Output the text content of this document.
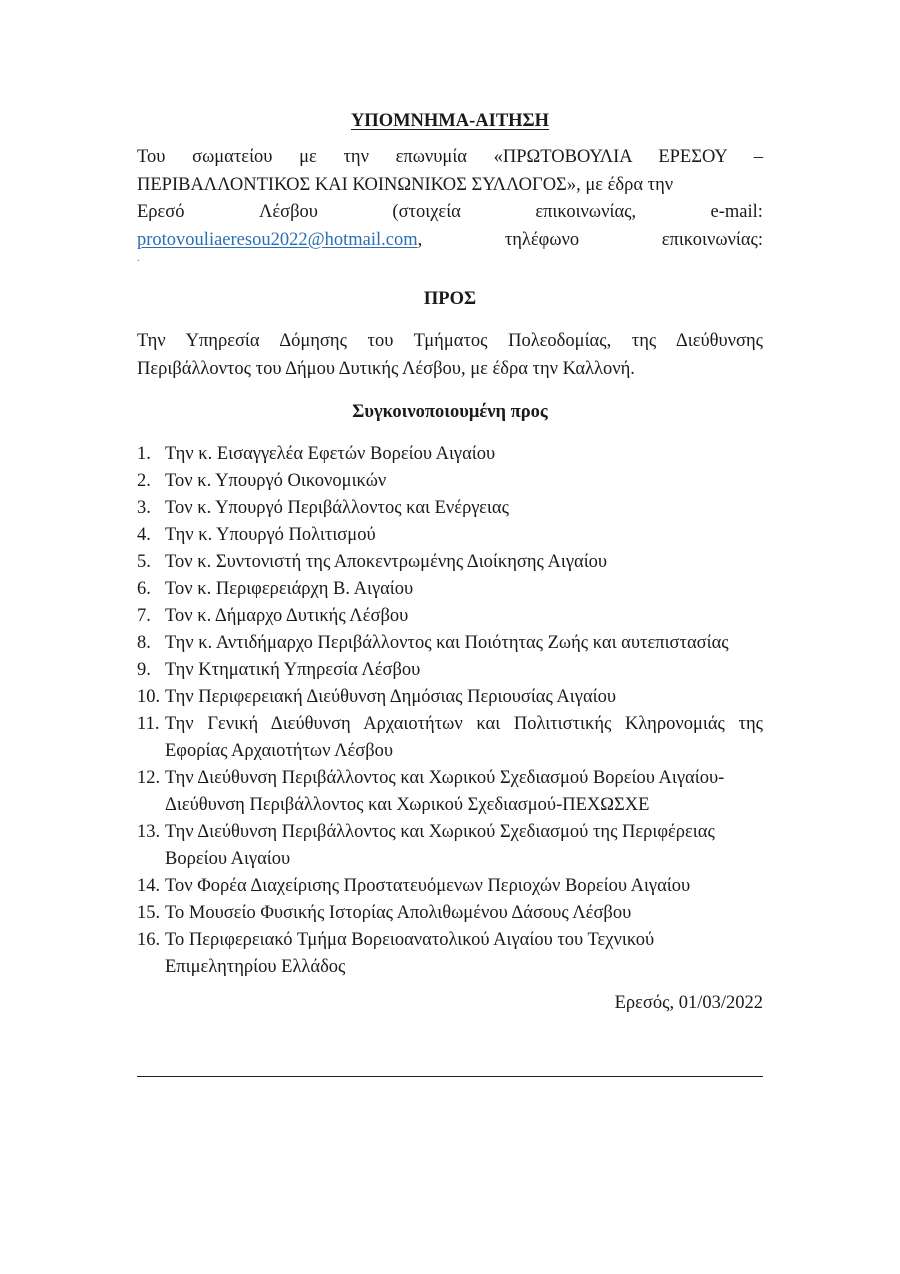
ΥΠΟΜΝΗΜΑ-ΑΙΤΗΣΗ

Του σωματείου με την επωνυμία «ΠΡΩΤΟΒΟΥΛΙΑ ΕΡΕΣΟΥ – ΠΕΡΙΒΑΛΛΟΝΤΙΚΟΣ ΚΑΙ ΚΟΙΝΩΝΙΚΟΣ ΣΥΛΛΟΓΟΣ», με έδρα την

Ερεσό	Λέσβου	(στοιχεία	επικοινωνίας,	e-mail:
protovouliaeresou2022@hotmail.com,	τηλέφωνο	επικοινωνίας:
.
ΠΡΟΣ

Την Υπηρεσία Δόμησης του Τμήματος Πολεοδομίας, της Διεύθυνσης Περιβάλλοντος του Δήμου Δυτικής Λέσβου, με έδρα την Καλλονή.

Συγκοινοποιουμένη προς
1. Την κ. Εισαγγελέα Εφετών Βορείου Αιγαίου
2. Τον κ. Υπουργό Οικονομικών
3. Τον κ. Υπουργό Περιβάλλοντος και Ενέργειας
4. Την κ. Υπουργό Πολιτισμού
5. Τον κ. Συντονιστή της Αποκεντρωμένης Διοίκησης Αιγαίου
6. Τον κ. Περιφερειάρχη Β. Αιγαίου
7. Τον κ. Δήμαρχο Δυτικής Λέσβου
8. Την κ. Αντιδήμαρχο Περιβάλλοντος και Ποιότητας Ζωής και αυτεπιστασίας
9. Την Κτηματική Υπηρεσία Λέσβου
10. Την Περιφερειακή Διεύθυνση Δημόσιας Περιουσίας Αιγαίου
11. Την Γενική Διεύθυνση Αρχαιοτήτων και Πολιτιστικής Κληρονομιάς της Εφορίας Αρχαιοτήτων Λέσβου
12. Την Διεύθυνση Περιβάλλοντος και Χωρικού Σχεδιασμού Βορείου Αιγαίου-Διεύθυνση Περιβάλλοντος και Χωρικού Σχεδιασμού-ΠΕΧΩΣΧΕ
13. Την Διεύθυνση Περιβάλλοντος και Χωρικού Σχεδιασμού της Περιφέρειας Βορείου Αιγαίου
14. Τον Φορέα Διαχείρισης Προστατευόμενων Περιοχών Βορείου Αιγαίου
15. Το Μουσείο Φυσικής Ιστορίας Απολιθωμένου Δάσους Λέσβου
16. Το Περιφερειακό Τμήμα Βορειοανατολικού Αιγαίου του Τεχνικού Επιμελητηρίου Ελλάδος
Ερεσός, 01/03/2022
